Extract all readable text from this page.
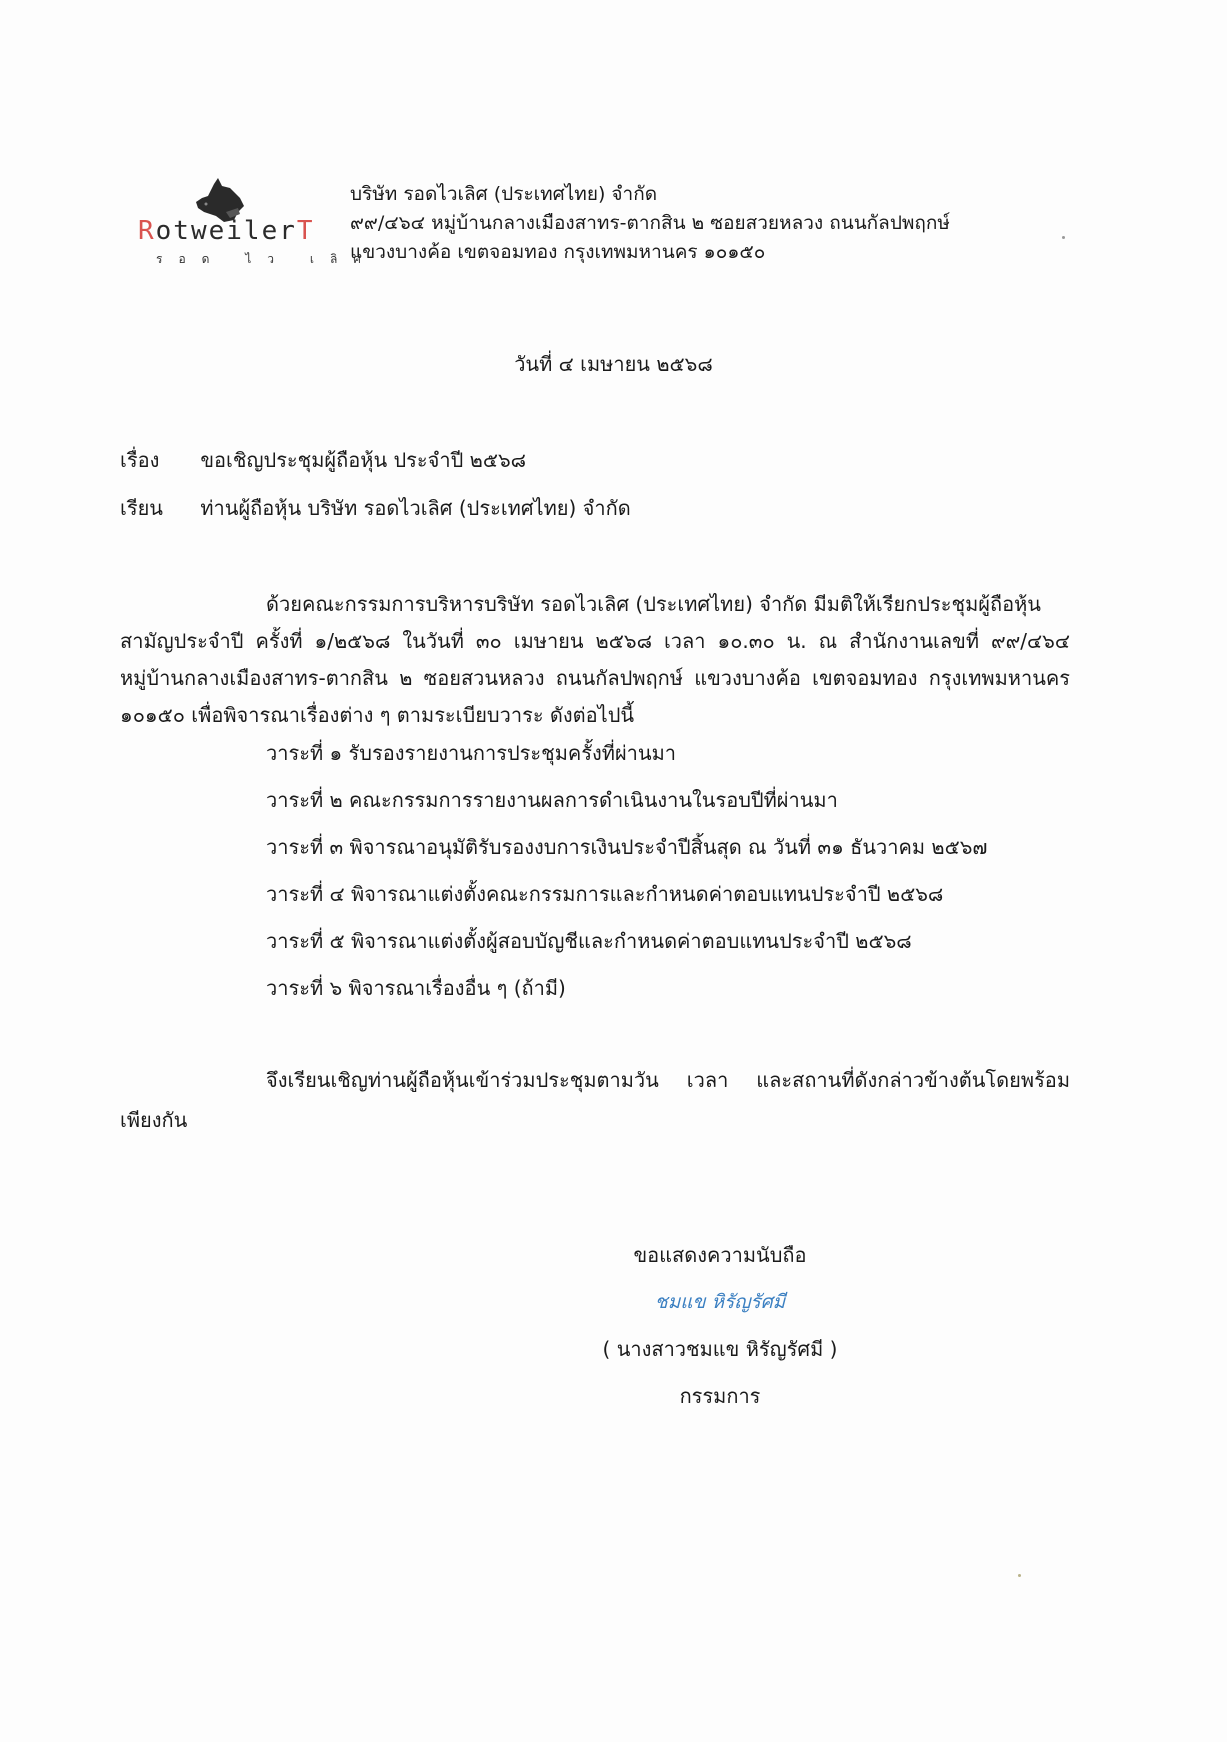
RotweilerT
รอด ไว เลิศ
บริษัท รอดไวเลิศ (ประเทศไทย) จำกัด
๙๙/๔๖๔ หมู่บ้านกลางเมืองสาทร-ตากสิน ๒ ซอยสวยหลวง ถนนกัลปพฤกษ์
แขวงบางค้อ เขตจอมทอง กรุงเทพมหานคร ๑๐๑๕๐
วันที่ ๔ เมษายน ๒๕๖๘
เรื่อง ขอเชิญประชุมผู้ถือหุ้น ประจำปี ๒๕๖๘
เรียน ท่านผู้ถือหุ้น บริษัท รอดไวเลิศ (ประเทศไทย) จำกัด
ด้วยคณะกรรมการบริหารบริษัท รอดไวเลิศ (ประเทศไทย) จำกัด มีมติให้เรียกประชุมผู้ถือหุ้น
สามัญประจำปี ครั้งที่ ๑/๒๕๖๘ ในวันที่ ๓๐ เมษายน ๒๕๖๘ เวลา ๑๐.๓๐ น. ณ สำนักงานเลขที่ ๙๙/๔๖๔ หมู่บ้านกลางเมืองสาทร-ตากสิน ๒ ซอยสวนหลวง ถนนกัลปพฤกษ์ แขวงบางค้อ เขตจอมทอง กรุงเทพมหานคร ๑๐๑๕๐ เพื่อพิจารณาเรื่องต่าง ๆ ตามระเบียบวาระ ดังต่อไปนี้
วาระที่ ๑ รับรองรายงานการประชุมครั้งที่ผ่านมา
วาระที่ ๒ คณะกรรมการรายงานผลการดำเนินงานในรอบปีที่ผ่านมา
วาระที่ ๓ พิจารณาอนุมัติรับรองงบการเงินประจำปีสิ้นสุด ณ วันที่ ๓๑ ธันวาคม ๒๕๖๗
วาระที่ ๔ พิจารณาแต่งตั้งคณะกรรมการและกำหนดค่าตอบแทนประจำปี ๒๕๖๘
วาระที่ ๕ พิจารณาแต่งตั้งผู้สอบบัญชีและกำหนดค่าตอบแทนประจำปี ๒๕๖๘
วาระที่ ๖ พิจารณาเรื่องอื่น ๆ (ถ้ามี)
จึงเรียนเชิญท่านผู้ถือหุ้นเข้าร่วมประชุมตามวัน เวลา และสถานที่ดังกล่าวข้างต้นโดยพร้อม
เพียงกัน
ขอแสดงความนับถือ
ชมแข หิรัญรัศมี
( นางสาวชมแข หิรัญรัศมี )
กรรมการ
